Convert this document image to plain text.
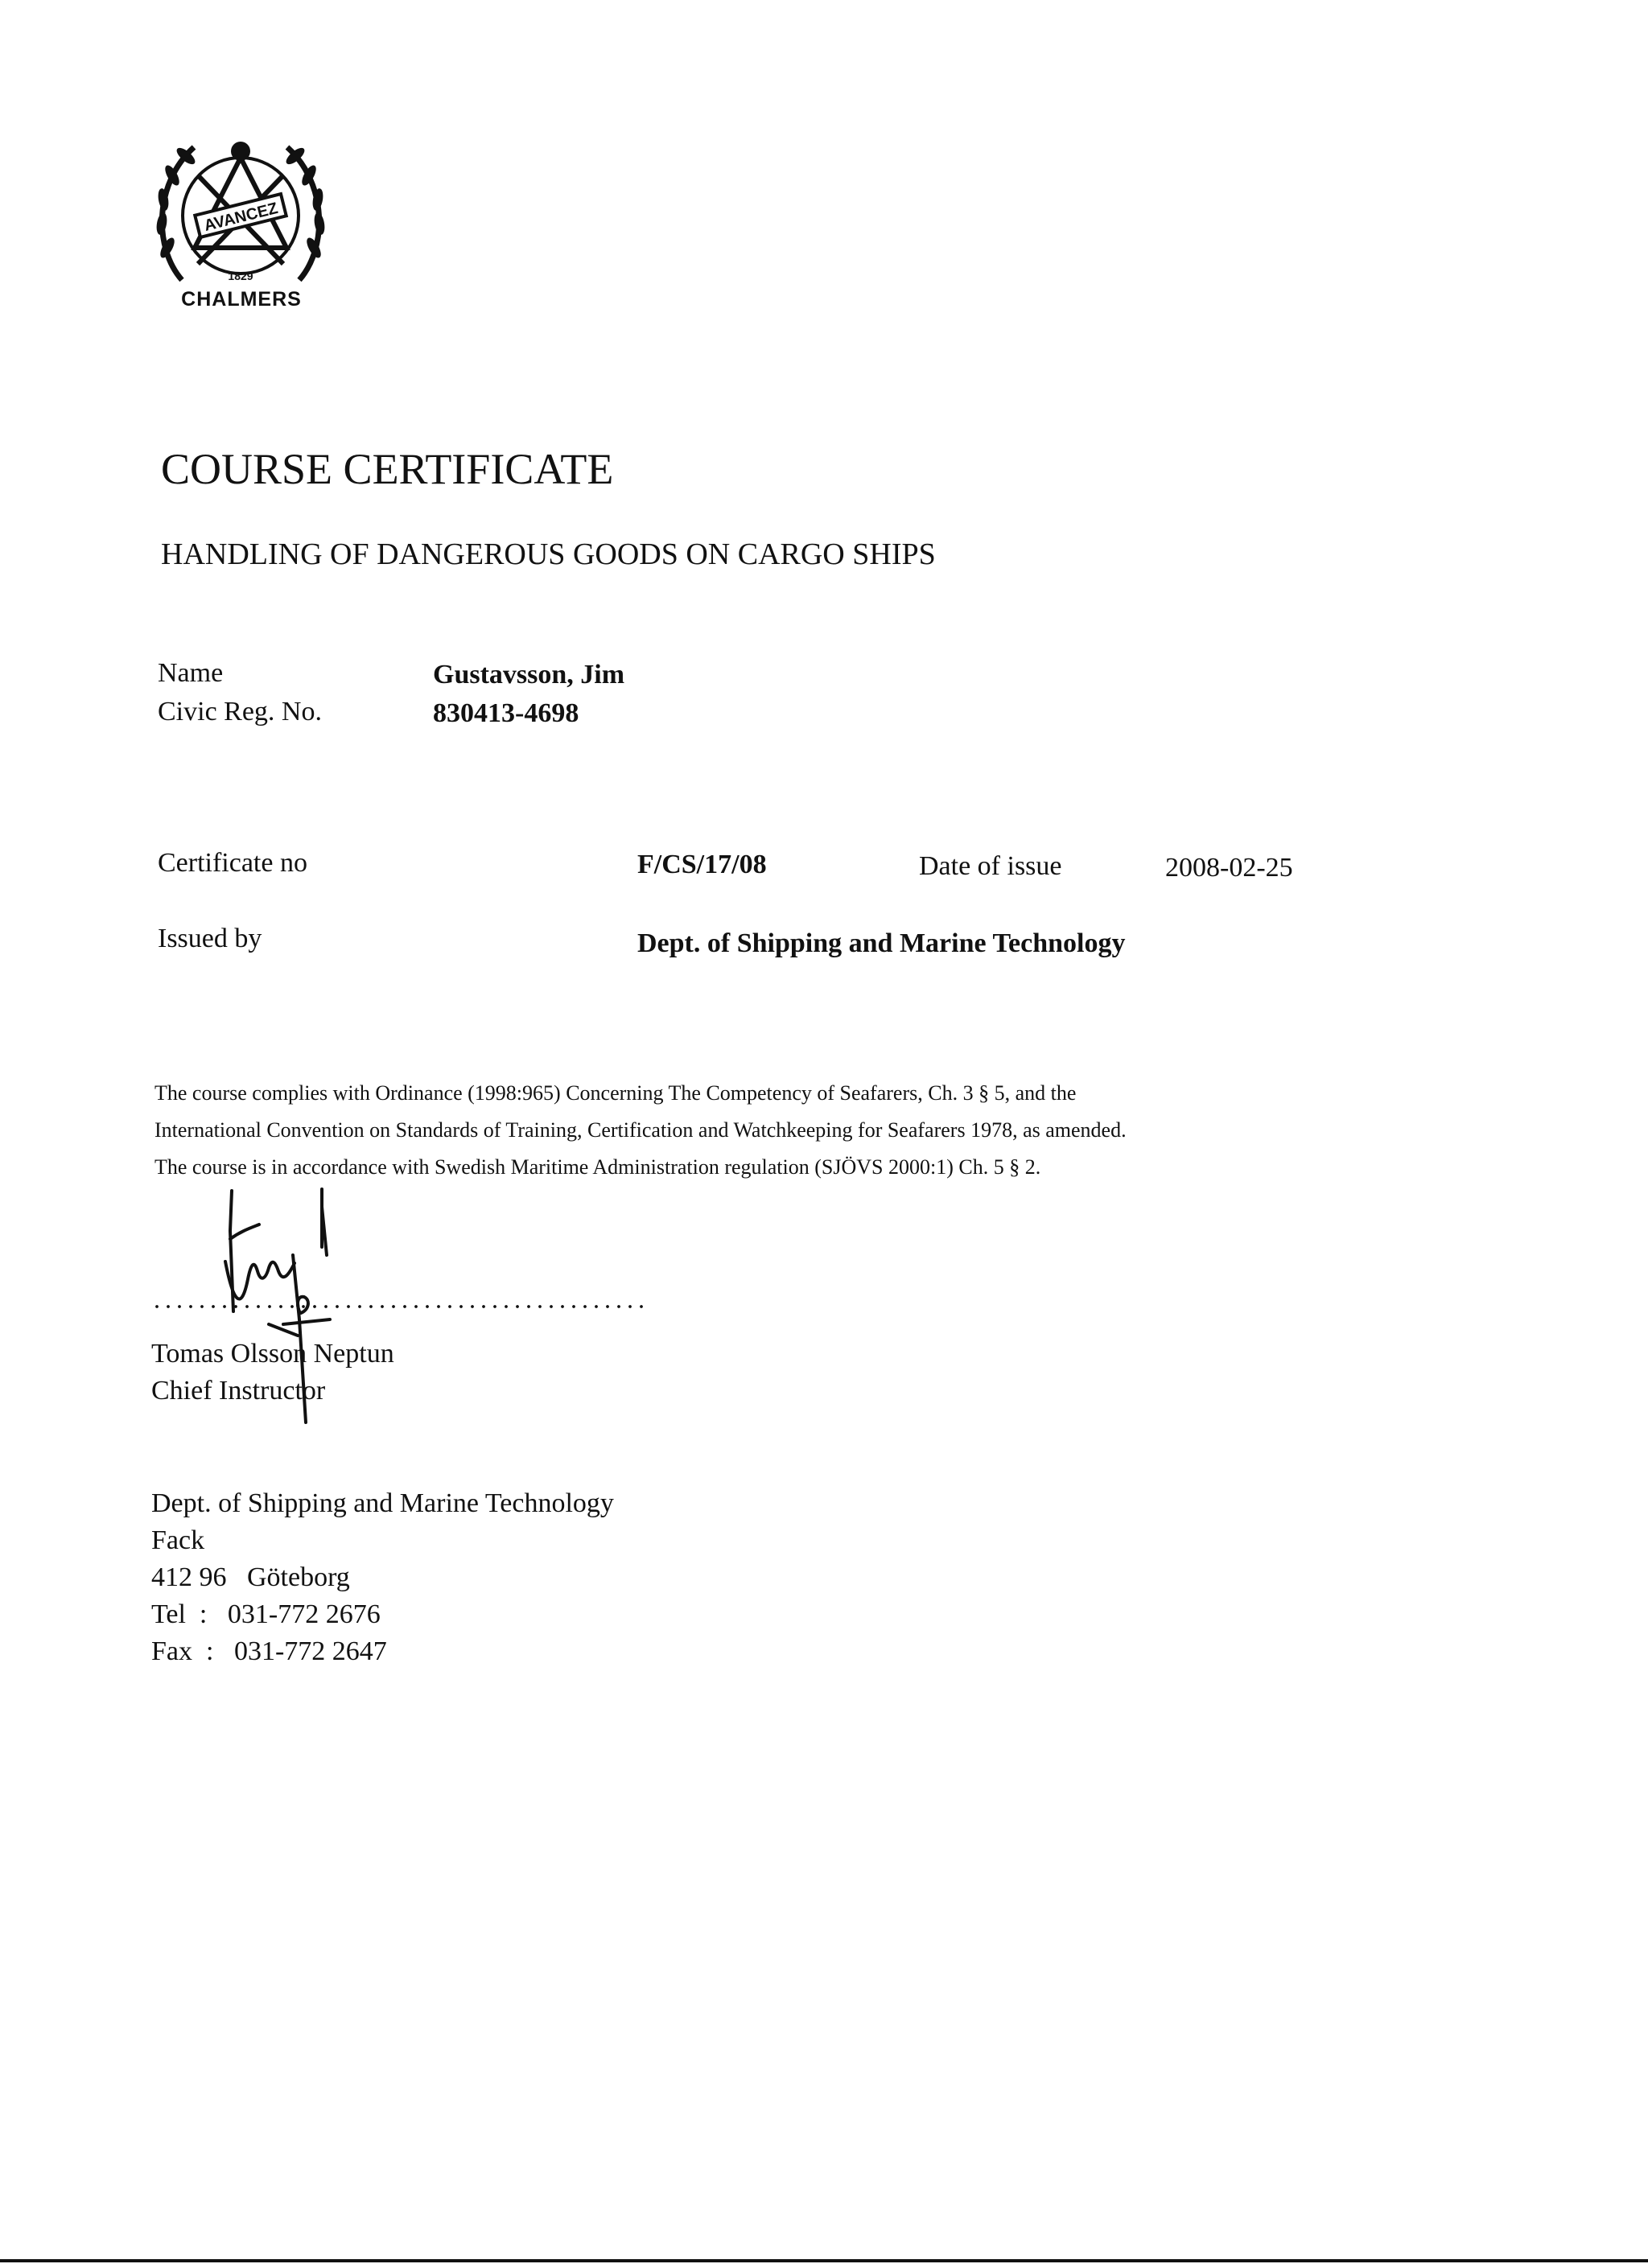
AVANCEZ
1829
CHALMERS
COURSE CERTIFICATE
HANDLING OF DANGEROUS GOODS ON CARGO SHIPS
Name	Gustavsson, Jim
Civic Reg. No.	830413-4698
Certificate no	F/CS/17/08	Date of issue	2008-02-25
Issued by	Dept. of Shipping and Marine Technology
The course complies with Ordinance (1998:965) Concerning The Competency of Seafarers, Ch. 3 § 5, and the
International Convention on Standards of Training, Certification and Watchkeeping for Seafarers 1978, as amended.
The course is in accordance with Swedish Maritime Administration regulation (SJÖVS 2000:1) Ch. 5 § 2.
Tomas Olsson Neptun
Chief Instructor
Dept. of Shipping and Marine Technology
Fack
412 96   Göteborg
Tel  :   031-772 2676
Fax  :   031-772 2647
